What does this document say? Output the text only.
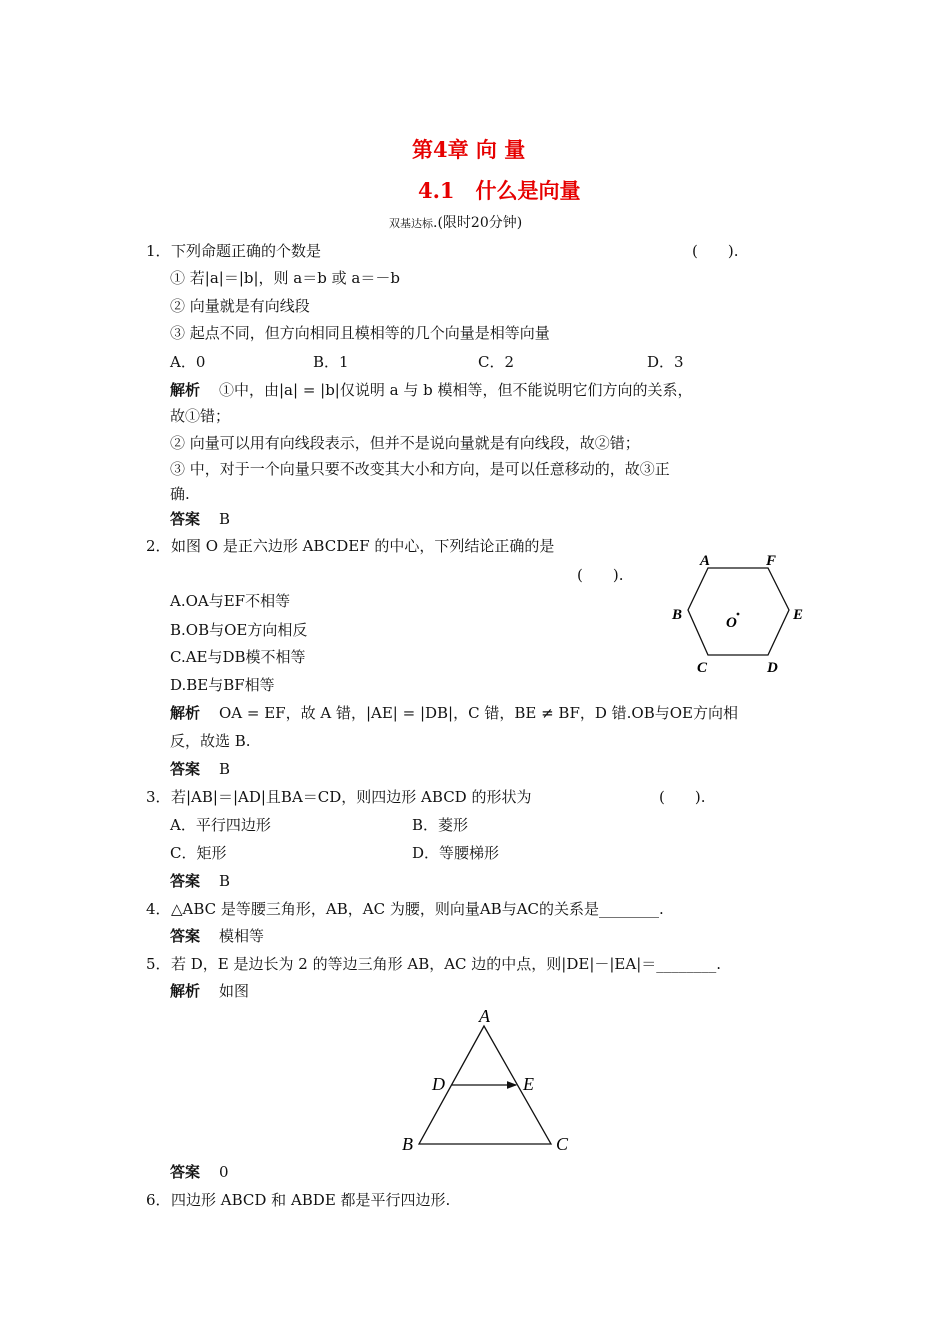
第4章 向 量
4.1　什么是向量
双基达标.(限时20分钟)
1． 下列命题正确的个数是	(　　).
① 若|a|＝|b|，则 a＝b 或 a＝－b
② 向量就是有向线段
③ 起点不同，但方向相同且模相等的几个向量是相等向量
A．0	B．1	C．2	D．3
解析 ①中，由|a| = |b|仅说明 a 与 b 模相等，但不能说明它们方向的关系，
故①错；
② 向量可以用有向线段表示，但并不是说向量就是有向线段，故②错；
③ 中，对于一个向量只要不改变其大小和方向，是可以任意移动的，故③正
确.
答案 B
2． 如图 O 是正六边形 ABCDEF 的中心，下列结论正确的是
(　　).
A.OA与EF不相等
B.OB与OE方向相反
C.AE与DB模不相等
D.BE与BF相等
解析 OA = EF，故 A 错，|AE| = |DB|，C 错，BE ≠ BF，D 错.OB与OE方向相
反，故选 B.
答案 B
A	F
B	E
C	D
O
3． 若|AB|＝|AD|且BA＝CD，则四边形 ABCD 的形状为	(　　).
A．平行四边形	B．菱形
C．矩形	D．等腰梯形
答案 B
4． △ABC 是等腰三角形，AB，AC 为腰，则向量AB与AC的关系是________.
答案 模相等
5． 若 D，E 是边长为 2 的等边三角形 AB，AC 边的中点，则|DE|－|EA|＝________.
解析 如图
A
D	E
B	C
答案 0
6． 四边形 ABCD 和 ABDE 都是平行四边形.
